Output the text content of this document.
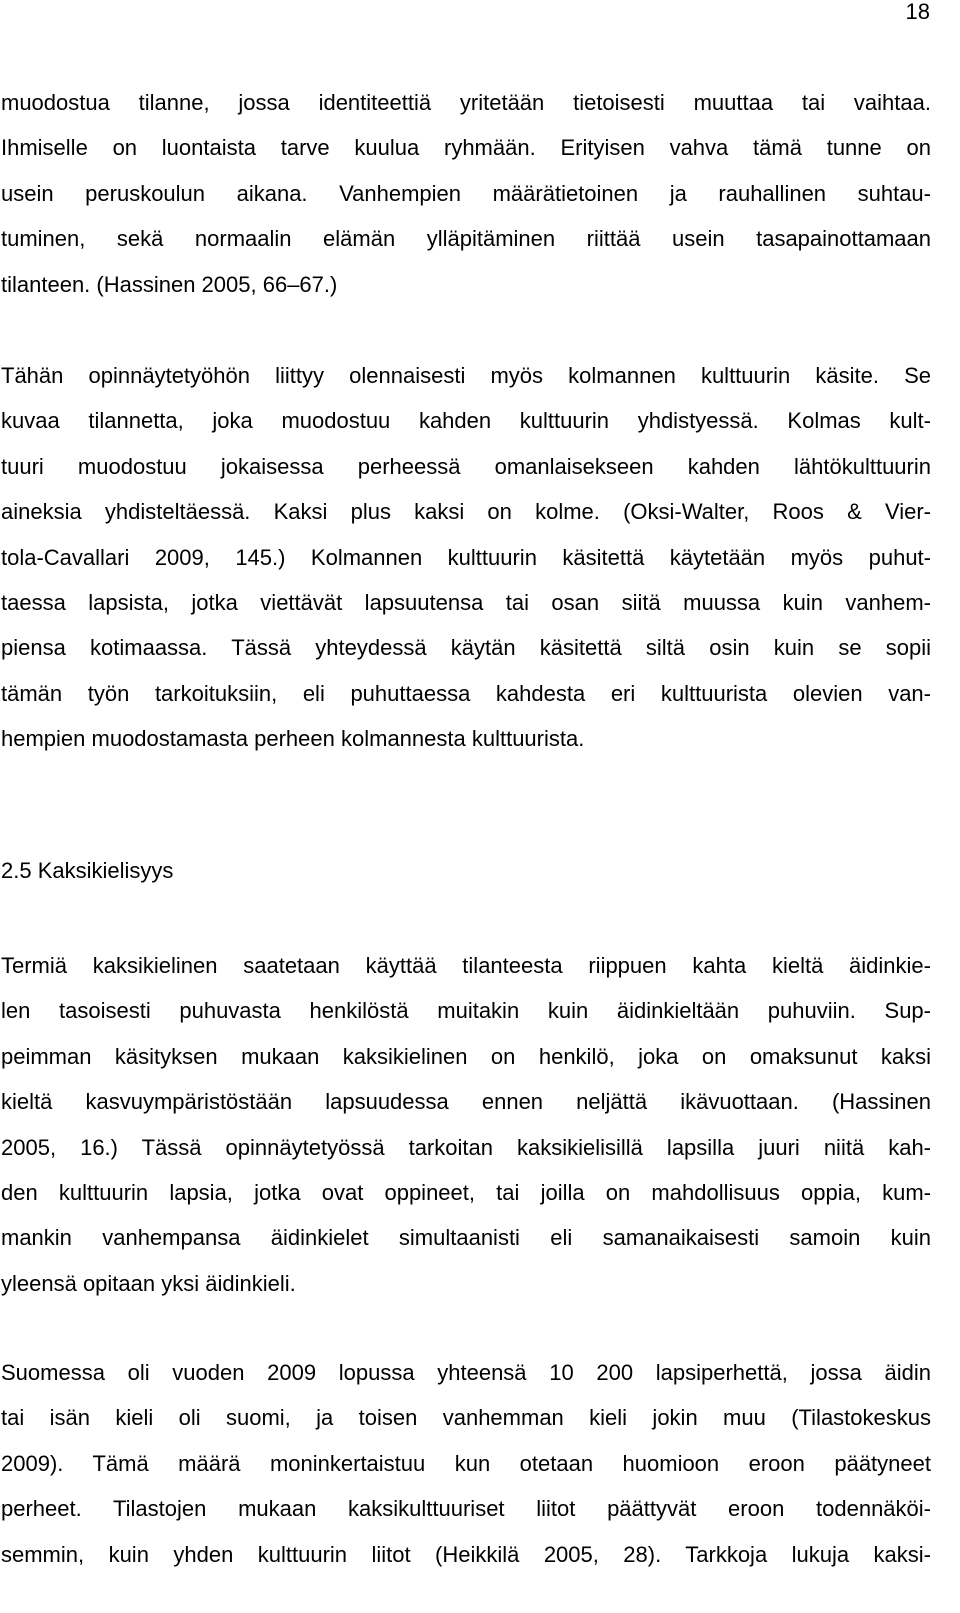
18
muodostua tilanne, jossa identiteettiä yritetään tietoisesti muuttaa tai vaihtaa.
Ihmiselle on luontaista tarve kuulua ryhmään. Erityisen vahva tämä tunne on
usein peruskoulun aikana. Vanhempien määrätietoinen ja rauhallinen suhtau-
tuminen, sekä normaalin elämän ylläpitäminen riittää usein tasapainottamaan
tilanteen. (Hassinen 2005, 66–67.)
Tähän opinnäytetyöhön liittyy olennaisesti myös kolmannen kulttuurin käsite. Se
kuvaa tilannetta, joka muodostuu kahden kulttuurin yhdistyessä. Kolmas kult-
tuuri muodostuu jokaisessa perheessä omanlaisekseen kahden lähtökulttuurin
aineksia yhdisteltäessä. Kaksi plus kaksi on kolme. (Oksi-Walter, Roos & Vier-
tola-Cavallari 2009, 145.) Kolmannen kulttuurin käsitettä käytetään myös puhut-
taessa lapsista, jotka viettävät lapsuutensa tai osan siitä muussa kuin vanhem-
piensa kotimaassa. Tässä yhteydessä käytän käsitettä siltä osin kuin se sopii
tämän työn tarkoituksiin, eli puhuttaessa kahdesta eri kulttuurista olevien van-
hempien muodostamasta perheen kolmannesta kulttuurista.
2.5 Kaksikielisyys
Termiä kaksikielinen saatetaan käyttää tilanteesta riippuen kahta kieltä äidinkie-
len tasoisesti puhuvasta henkilöstä muitakin kuin äidinkieltään puhuviin. Sup-
peimman käsityksen mukaan kaksikielinen on henkilö, joka on omaksunut kaksi
kieltä kasvuympäristöstään lapsuudessa ennen neljättä ikävuottaan. (Hassinen
2005, 16.) Tässä opinnäytetyössä tarkoitan kaksikielisillä lapsilla juuri niitä kah-
den kulttuurin lapsia, jotka ovat oppineet, tai joilla on mahdollisuus oppia, kum-
mankin vanhempansa äidinkielet simultaanisti eli samanaikaisesti samoin kuin
yleensä opitaan yksi äidinkieli.
Suomessa oli vuoden 2009 lopussa yhteensä 10 200 lapsiperhettä, jossa äidin
tai isän kieli oli suomi, ja toisen vanhemman kieli jokin muu (Tilastokeskus
2009). Tämä määrä moninkertaistuu kun otetaan huomioon eroon päätyneet
perheet. Tilastojen mukaan kaksikulttuuriset liitot päättyvät eroon todennäköi-
semmin, kuin yhden kulttuurin liitot (Heikkilä 2005, 28). Tarkkoja lukuja kaksi-
